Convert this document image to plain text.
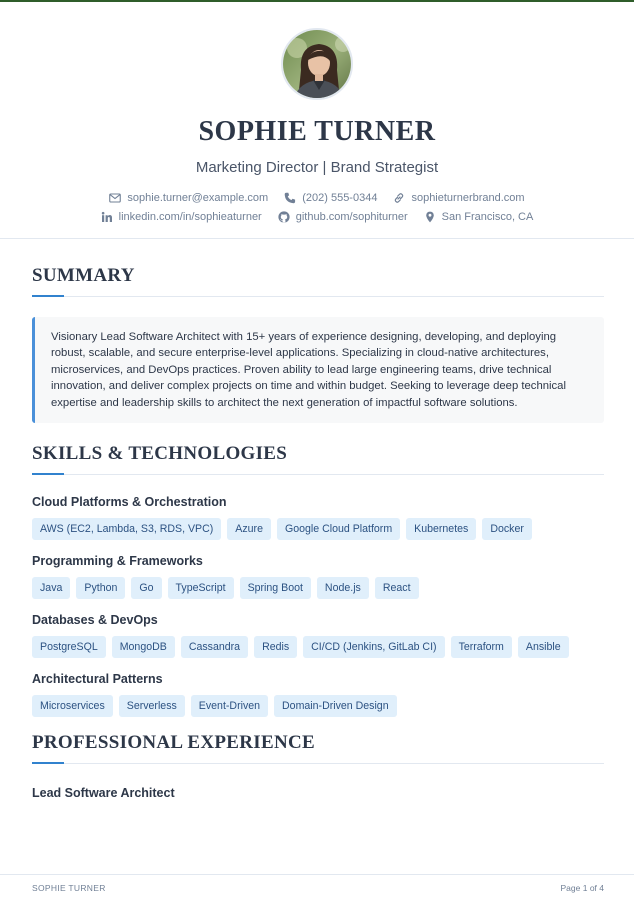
SOPHIE TURNER
Marketing Director | Brand Strategist
sophie.turner@example.com	(202) 555-0344	sophieturnerbrand.com
linkedin.com/in/sophieaturner	github.com/sophiturner	San Francisco, CA
SUMMARY
Visionary Lead Software Architect with 15+ years of experience designing, developing, and deploying
robust, scalable, and secure enterprise-level applications. Specializing in cloud-native architectures,
microservices, and DevOps practices. Proven ability to lead large engineering teams, drive technical
innovation, and deliver complex projects on time and within budget. Seeking to leverage deep technical
expertise and leadership skills to architect the next generation of impactful software solutions.
SKILLS & TECHNOLOGIES
Cloud Platforms & Orchestration
AWS (EC2, Lambda, S3, RDS, VPC)	Azure	Google Cloud Platform	Kubernetes	Docker
Programming & Frameworks
Java	Python	Go	TypeScript	Spring Boot	Node.js	React
Databases & DevOps
PostgreSQL	MongoDB	Cassandra	Redis	CI/CD (Jenkins, GitLab CI)	Terraform	Ansible
Architectural Patterns
Microservices	Serverless	Event-Driven	Domain-Driven Design
PROFESSIONAL EXPERIENCE
Lead Software Architect
SOPHIE TURNER	Page 1 of 4
